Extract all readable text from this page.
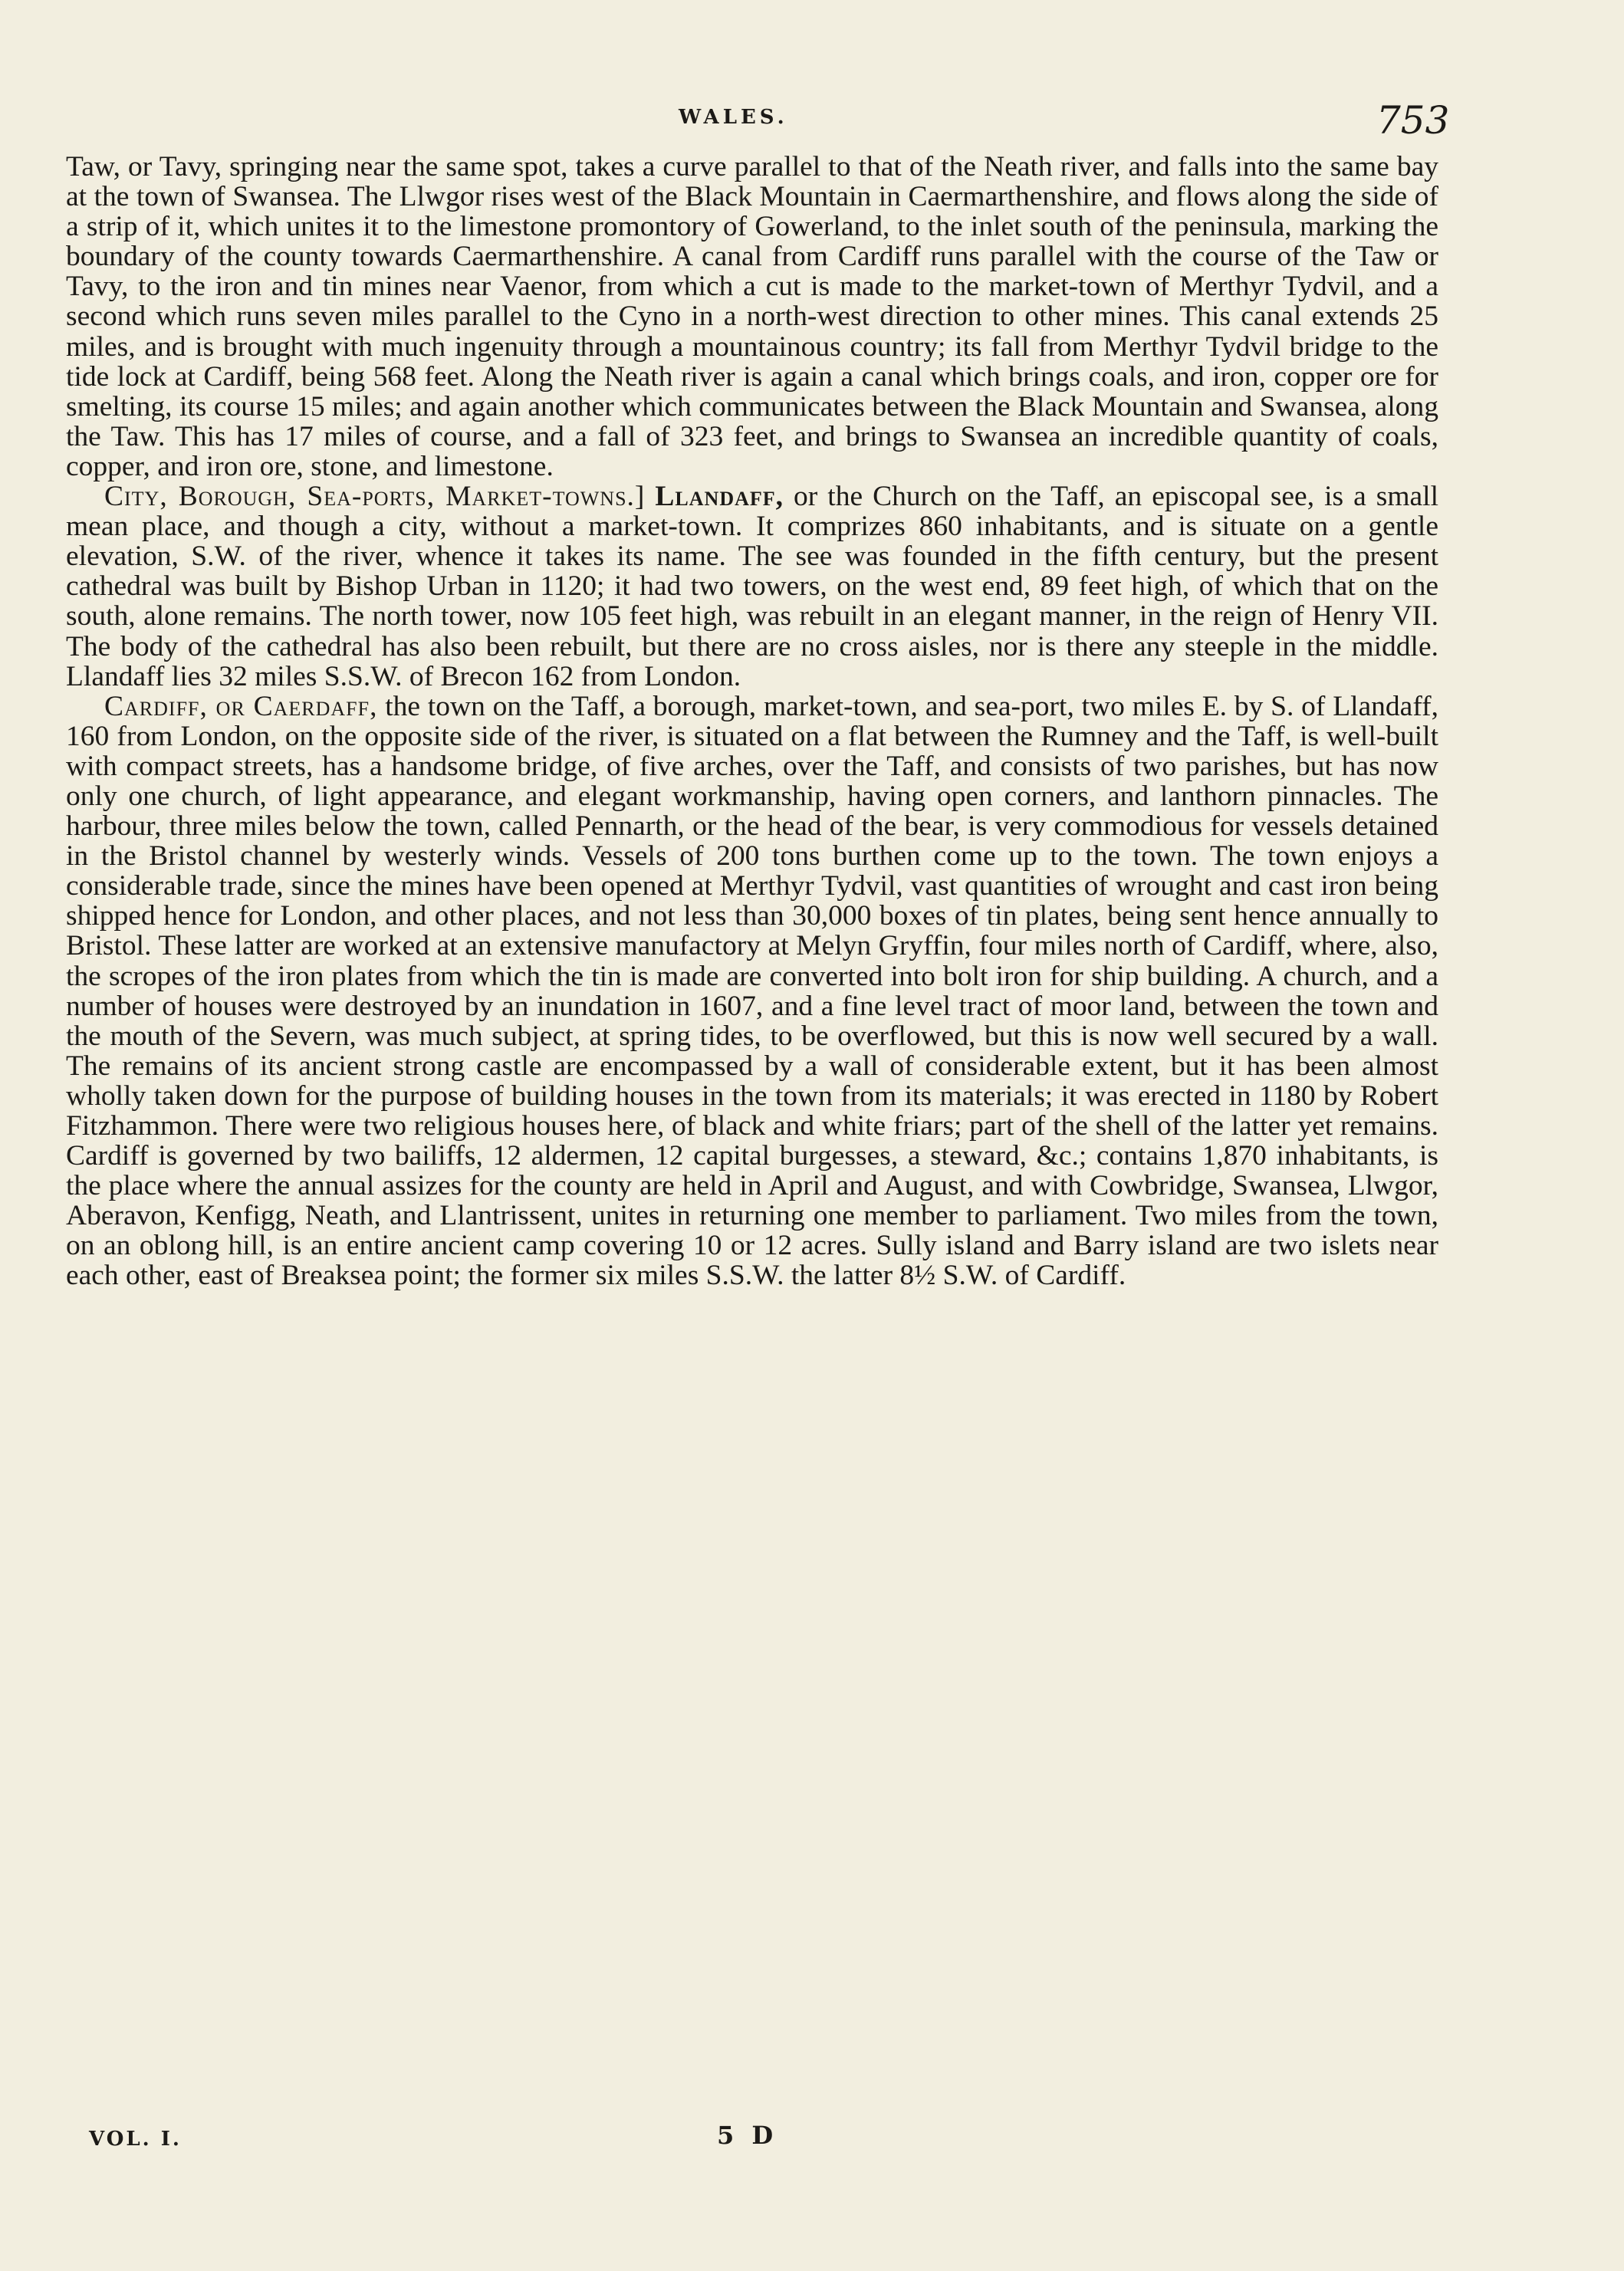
WALES.	753

Taw, or Tavy, springing near the same spot, takes a curve parallel to that of the Neath river, and falls into the same bay at the town of Swansea. The Llwgor rises west of the Black Mountain in Caermarthenshire, and flows along the side of a strip of it, which unites it to the limestone promontory of Gowerland, to the inlet south of the peninsula, marking the boundary of the county towards Caermarthenshire. A canal from Cardiff runs parallel with the course of the Taw or Tavy, to the iron and tin mines near Vaenor, from which a cut is made to the market-town of Merthyr Tydvil, and a second which runs seven miles parallel to the Cyno in a north-west direction to other mines. This canal extends 25 miles, and is brought with much ingenuity through a mountainous country; its fall from Merthyr Tydvil bridge to the tide lock at Cardiff, being 568 feet. Along the Neath river is again a canal which brings coals, and iron, copper ore for smelting, its course 15 miles; and again another which communicates between the Black Mountain and Swansea, along the Taw. This has 17 miles of course, and a fall of 323 feet, and brings to Swansea an incredible quantity of coals, copper, and iron ore, stone, and limestone.

City, Borough, Sea-ports, Market-towns.] Llandaff, or the Church on the Taff, an episcopal see, is a small mean place, and though a city, without a market-town. It comprizes 860 inhabitants, and is situate on a gentle elevation, S.W. of the river, whence it takes its name. The see was founded in the fifth century, but the present cathedral was built by Bishop Urban in 1120; it had two towers, on the west end, 89 feet high, of which that on the south, alone remains. The north tower, now 105 feet high, was rebuilt in an elegant manner, in the reign of Henry VII. The body of the cathedral has also been rebuilt, but there are no cross aisles, nor is there any steeple in the middle. Llandaff lies 32 miles S.S.W. of Brecon 162 from London.

Cardiff, or Caerdaff, the town on the Taff, a borough, market-town, and sea-port, two miles E. by S. of Llandaff, 160 from London, on the opposite side of the river, is situated on a flat between the Rumney and the Taff, is well-built with compact streets, has a handsome bridge, of five arches, over the Taff, and consists of two parishes, but has now only one church, of light appearance, and elegant workmanship, having open corners, and lanthorn pinnacles. The harbour, three miles below the town, called Pennarth, or the head of the bear, is very commodious for vessels detained in the Bristol channel by westerly winds. Vessels of 200 tons burthen come up to the town. The town enjoys a considerable trade, since the mines have been opened at Merthyr Tydvil, vast quantities of wrought and cast iron being shipped hence for London, and other places, and not less than 30,000 boxes of tin plates, being sent hence annually to Bristol. These latter are worked at an extensive manufactory at Melyn Gryffin, four miles north of Cardiff, where, also, the scropes of the iron plates from which the tin is made are converted into bolt iron for ship building. A church, and a number of houses were destroyed by an inundation in 1607, and a fine level tract of moor land, between the town and the mouth of the Severn, was much subject, at spring tides, to be overflowed, but this is now well secured by a wall. The remains of its ancient strong castle are encompassed by a wall of considerable extent, but it has been almost wholly taken down for the purpose of building houses in the town from its materials; it was erected in 1180 by Robert Fitzhammon. There were two religious houses here, of black and white friars; part of the shell of the latter yet remains. Cardiff is governed by two bailiffs, 12 aldermen, 12 capital burgesses, a steward, &c.; contains 1,870 inhabitants, is the place where the annual assizes for the county are held in April and August, and with Cowbridge, Swansea, Llwgor, Aberavon, Kenfigg, Neath, and Llantrissent, unites in returning one member to parliament. Two miles from the town, on an oblong hill, is an entire ancient camp covering 10 or 12 acres. Sully island and Barry island are two islets near each other, east of Breaksea point; the former six miles S.S.W. the latter 8½ S.W. of Cardiff.

VOL. I.	5 D
